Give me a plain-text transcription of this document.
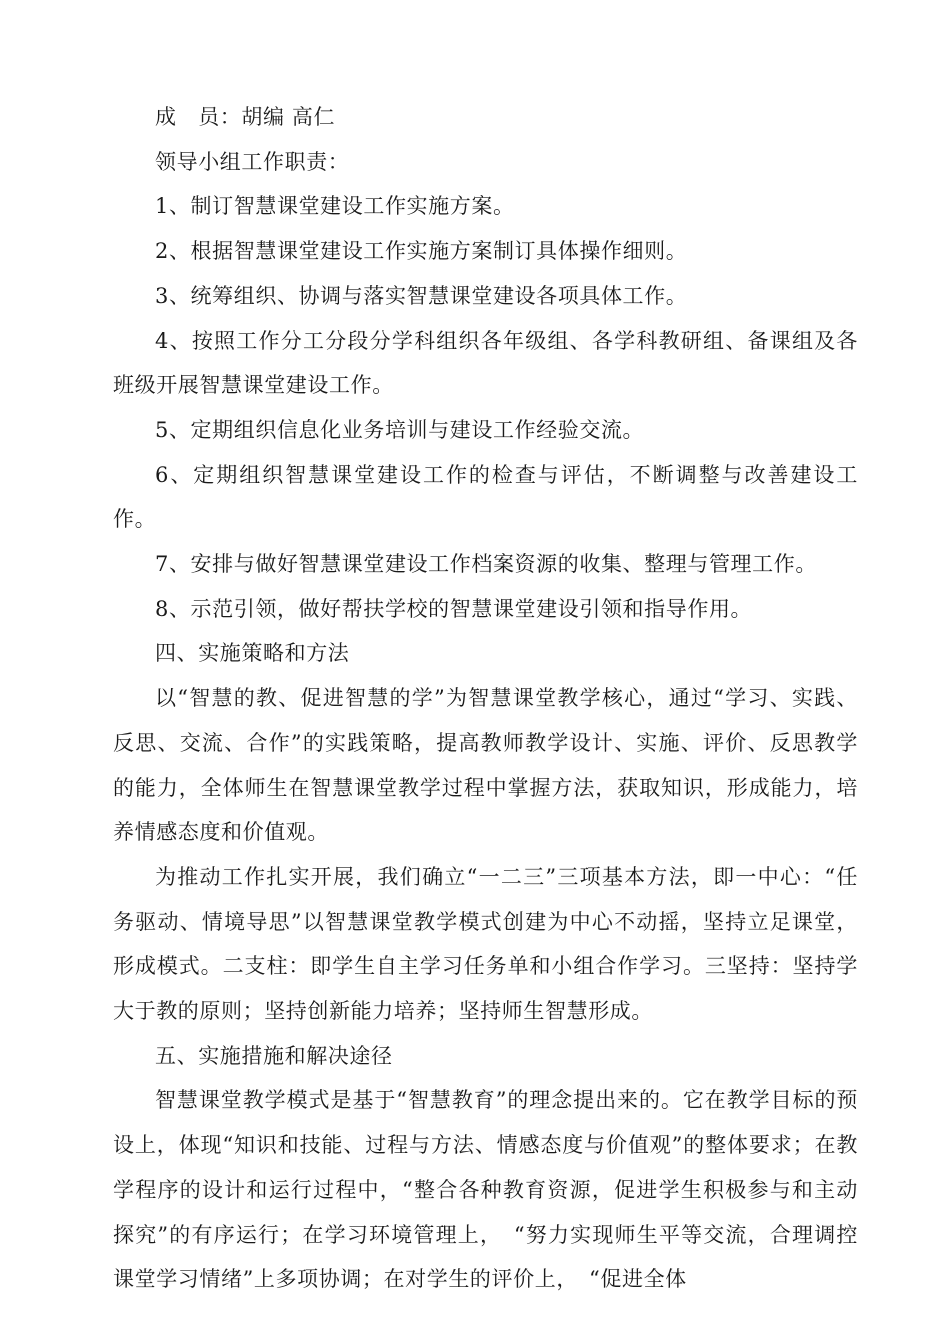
成　员：胡编 高仁

领导小组工作职责：

1、制订智慧课堂建设工作实施方案。

2、根据智慧课堂建设工作实施方案制订具体操作细则。

3、统筹组织、协调与落实智慧课堂建设各项具体工作。

4、按照工作分工分段分学科组织各年级组、各学科教研组、备课组及各班级开展智慧课堂建设工作。

5、定期组织信息化业务培训与建设工作经验交流。

6、定期组织智慧课堂建设工作的检查与评估，不断调整与改善建设工作。

7、安排与做好智慧课堂建设工作档案资源的收集、整理与管理工作。

8、示范引领，做好帮扶学校的智慧课堂建设引领和指导作用。

四、实施策略和方法

以“智慧的教、促进智慧的学”为智慧课堂教学核心，通过“学习、实践、反思、交流、合作”的实践策略，提高教师教学设计、实施、评价、反思教学的能力，全体师生在智慧课堂教学过程中掌握方法，获取知识，形成能力，培养情感态度和价值观。

为推动工作扎实开展，我们确立“一二三”三项基本方法，即一中心：“任务驱动、情境导思”以智慧课堂教学模式创建为中心不动摇，坚持立足课堂，形成模式。二支柱：即学生自主学习任务单和小组合作学习。三坚持：坚持学大于教的原则；坚持创新能力培养；坚持师生智慧形成。

五、实施措施和解决途径

智慧课堂教学模式是基于“智慧教育”的理念提出来的。它在教学目标的预设上，体现“知识和技能、过程与方法、情感态度与价值观”的整体要求；在教学程序的设计和运行过程中，“整合各种教育资源，促进学生积极参与和主动探究”的有序运行；在学习环境管理上，　“努力实现师生平等交流，合理调控课堂学习情绪”上多项协调；在对学生的评价上，　“促进全体
